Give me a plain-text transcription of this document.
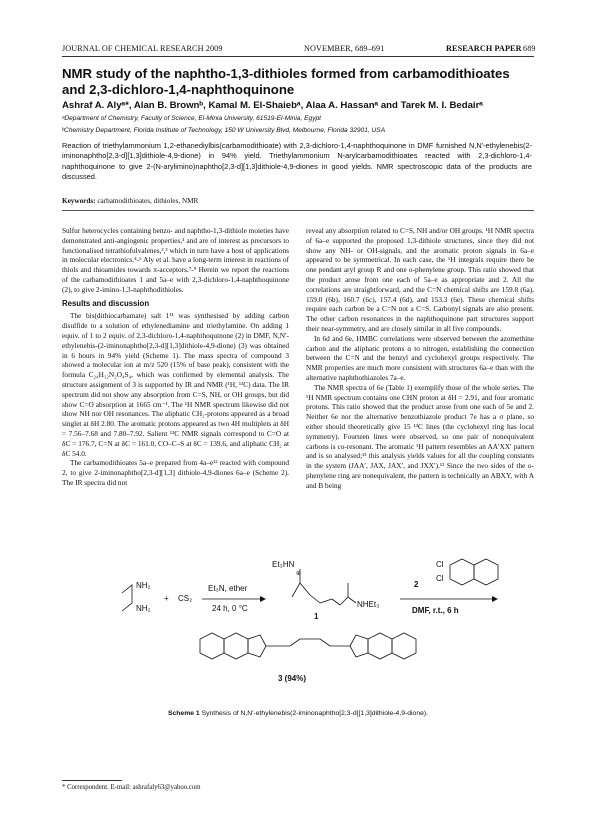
JOURNAL OF CHEMICAL RESEARCH 2009	NOVEMBER, 689–691	RESEARCH PAPER 689
NMR study of the naphtho-1,3-dithioles formed from carbamodithioates and 2,3-dichloro-1,4-naphthoquinone
Ashraf A. Alyᵃ*, Alan B. Brownᵇ, Kamal M. El-Shaiebᵃ, Alaa A. Hassanᵃ and Tarek M. I. Bedairᵃ
ᵃDepartment of Chemistry, Faculty of Science, El-Minia University, 61519-El-Minia, Egypt
ᵇChemistry Department, Florida Institute of Technology, 150 W University Blvd, Melbourne, Florida 32901, USA
Reaction of triethylammonium 1,2-ethanediylbis(carbamodithioate) with 2,3-dichloro-1,4-naphthoquinone in DMF furnished N,N′-ethylenebis(2-iminonaphtho[2,3-d][1,3]dithiole-4,9-dione) in 94% yield. Triethylammonium N-arylcarbamodithioates reacted with 2,3-dichloro-1,4-naphthoquinone to give 2-(N-arylimino)naphtho[2,3-d][1,3]dithiole-4,9-diones in good yields. NMR spectroscopic data of the products are discussed.
Keywords: carbamodithioates, dithioles, NMR

Sulfur heterocycles containing benzo- and naphtho-1,3-dithiole moieties have demonstrated anti-angiogenic properties,¹ and are of interest as precursors to functionalised tetrathiofulvalenes,²,³ which in turn have a host of applications in molecular electronics.⁴-⁶ Aly et al. have a long-term interest in reactions of thiols and thioamides towards π-acceptors.⁷-⁹ Herein we report the reactions of the carbamodithioates 1 and 5a–e with 2,3-dichloro-1,4-naphthoquinone (2), to give 2-imino-1,3-naphthodithioles.

Results and discussion

The bis(dithiocarbamate) salt 1¹¹ was synthesised by adding carbon disulfide to a solution of ethylenediamine and triethylamine. On adding 1 equiv. of 1 to 2 equiv. of 2,3-dichloro-1,4-naphthoquinone (2) in DMF, N,N′-ethylenebis-(2-iminonaphtho[2,3-d][1,3]dithiole-4,9-dione) (3) was obtained in 6 hours in 94% yield (Scheme 1). The mass spectra of compound 3 showed a molecular ion at m/z 520 (15% of base peak), consistent with the formula C₂₄H₁₂N₂O₄S₄, which was confirmed by elemental analysis. The structure assignment of 3 is supported by IR and NMR (¹H, ¹³C) data. The IR spectrum did not show any absorption from C=S, NH, or OH groups, but did show C=O absorption at 1665 cm⁻¹. The ¹H NMR spectrum likewise did not show NH nor OH resonances. The aliphatic CH₂-protons appeared as a broad singlet at δH 2.80. The aromatic protons appeared as two 4H multiplets at δH = 7.56–7.68 and 7.80–7.92. Salient ¹³C NMR signals correspond to C=O at δC = 176.7, C=N at δC = 161.0, CO–C–S at δC = 139.6, and aliphatic CH₂ at δC 54.0.

The carbamodithioates 5a–e prepared from 4a–e¹² reacted with compound 2, to give 2-iminonaphtho[2,3-d][1,3] dithiole-4,9-diones 6a–e (Scheme 2). The IR spectra did not

reveal any absorption related to C=S, NH and/or OH groups. ¹H NMR spectra of 6a–e supported the proposed 1,3-dithiole structures, since they did not show any NH- or OH-signals, and the aromatic proton signals in 6a–e appeared to be symmetrical. In each case, the ¹H integrals require there be one pendant aryl group R and one o-phenylene group. This ratio showed that the product arose from one each of 5a–e as appropriate and 2. All the correlations are straightforward, and the C=N chemical shifts are 159.8 (6a), 159.0 (6b), 160.7 (6c), 157.4 (6d), and 153.3 (6e). These chemical shifts require each carbon be a C=N not a C=S. Carbonyl signals are also present. The other carbon resonances in the naphthoquinone part structures support their near-symmetry, and are closely similar in all five compounds.

In 6d and 6e, HMBC correlations were observed between the azomethine carbon and the aliphatic protons α to nitrogen, establishing the connection between the C=N and the benzyl and cyclohexyl groups respectively. The NMR properties are much more consistent with structures 6a–e than with the alternative naphthothiazoles 7a–e.

The NMR spectra of 6e (Table 1) exemplify those of the whole series. The ¹H NMR spectrum contains one CHN proton at δH = 2.91, and four aromatic protons. This ratio showed that the product arose from one each of 5e and 2. Neither 6e nor the alternative benzothiazole product 7e has a σ plane, so either should theoretically give 15 ¹³C lines (the cyclohexyl ring has local symmetry). Fourteen lines were observed, so one pair of nonequivalent carbons is co-resonant. The aromatic ¹H pattern resembles an AA′XX′ pattern and is so analysed;¹³ this analysis yields values for all the coupling constants in the system (JAA′, JAX, JAX′, and JXX′).¹³ Since the two sides of the o-phenylene ring are nonequivalent, the pattern is technically an ABXY, with A and B being

NH₂
NH₂
+ CS₂
Et₃N, ether
24 h, 0 °C
Et₃HN
⊕
NHEt₃
1
DMF, r.t., 6 h
2
Cl
Cl
3 (94%)
Scheme 1 Synthesis of N,N′-ethylenebis(2-iminonaphtho[2,3-d][1,3]dithiole-4,9-dione).
* Correspondent. E-mail: ashrafaly63@yahoo.com
